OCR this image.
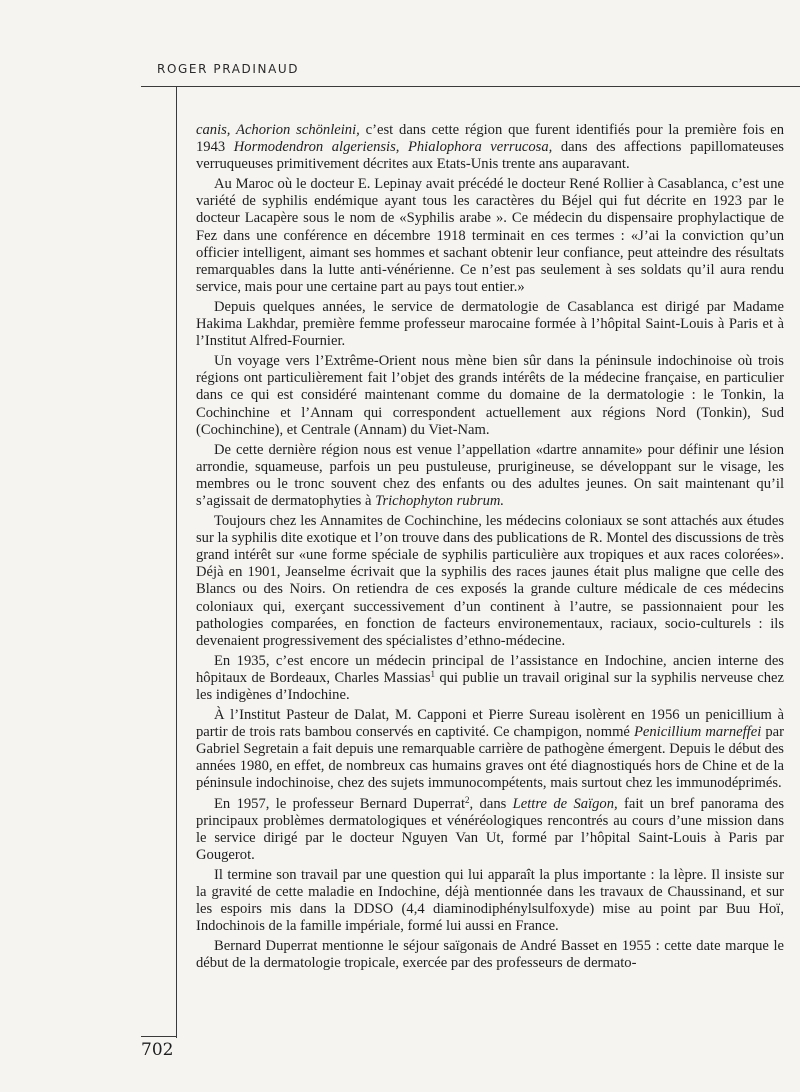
ROGER PRADINAUD

canis, Achorion schönleini, c’est dans cette région que furent identifiés pour la première fois en 1943 Hormodendron algeriensis, Phialophora verrucosa, dans des affections papillomateuses verruqueuses primitivement décrites aux Etats-Unis trente ans auparavant.

Au Maroc où le docteur E. Lepinay avait précédé le docteur René Rollier à Casablanca, c’est une variété de syphilis endémique ayant tous les caractères du Béjel qui fut décrite en 1923 par le docteur Lacapère sous le nom de «Syphilis arabe ». Ce médecin du dispensaire prophylactique de Fez dans une conférence en décembre 1918 terminait en ces termes : «J’ai la conviction qu’un officier intelligent, aimant ses hommes et sachant obtenir leur confiance, peut atteindre des résultats remarquables dans la lutte anti-vénérienne. Ce n’est pas seulement à ses soldats qu’il aura rendu service, mais pour une certaine part au pays tout entier.»

Depuis quelques années, le service de dermatologie de Casablanca est dirigé par Madame Hakima Lakhdar, première femme professeur marocaine formée à l’hôpital Saint-Louis à Paris et à l’Institut Alfred-Fournier.

Un voyage vers l’Extrême-Orient nous mène bien sûr dans la péninsule indochinoise où trois régions ont particulièrement fait l’objet des grands intérêts de la médecine française, en particulier dans ce qui est considéré maintenant comme du domaine de la dermatologie : le Tonkin, la Cochinchine et l’Annam qui correspondent actuellement aux régions Nord (Tonkin), Sud (Cochinchine), et Centrale (Annam) du Viet-Nam.

De cette dernière région nous est venue l’appellation «dartre annamite» pour définir une lésion arrondie, squameuse, parfois un peu pustuleuse, prurigineuse, se développant sur le visage, les membres ou le tronc souvent chez des enfants ou des adultes jeunes. On sait maintenant qu’il s’agissait de dermatophyties à Trichophyton rubrum.

Toujours chez les Annamites de Cochinchine, les médecins coloniaux se sont attachés aux études sur la syphilis dite exotique et l’on trouve dans des publications de R. Montel des discussions de très grand intérêt sur «une forme spéciale de syphilis particulière aux tropiques et aux races colorées». Déjà en 1901, Jeanselme écrivait que la syphilis des races jaunes était plus maligne que celle des Blancs ou des Noirs. On retiendra de ces exposés la grande culture médicale de ces médecins coloniaux qui, exerçant successivement d’un continent à l’autre, se passionnaient pour les pathologies comparées, en fonction de facteurs environementaux, raciaux, socio-culturels : ils devenaient progressivement des spécialistes d’ethno-médecine.

En 1935, c’est encore un médecin principal de l’assistance en Indochine, ancien interne des hôpitaux de Bordeaux, Charles Massias$^1$ qui publie un travail original sur la syphilis nerveuse chez les indigènes d’Indochine.

À l’Institut Pasteur de Dalat, M. Capponi et Pierre Sureau isolèrent en 1956 un penicillium à partir de trois rats bambou conservés en captivité. Ce champigon, nommé Penicillium marneffei par Gabriel Segretain a fait depuis une remarquable carrière de pathogène émergent. Depuis le début des années 1980, en effet, de nombreux cas humains graves ont été diagnostiqués hors de Chine et de la péninsule indochinoise, chez des sujets immunocompétents, mais surtout chez les immunodéprimés.

En 1957, le professeur Bernard Duperrat$^2$, dans Lettre de Saïgon, fait un bref panorama des principaux problèmes dermatologiques et vénéréologiques rencontrés au cours d’une mission dans le service dirigé par le docteur Nguyen Van Ut, formé par l’hôpital Saint-Louis à Paris par Gougerot.

Il termine son travail par une question qui lui apparaît la plus importante : la lèpre. Il insiste sur la gravité de cette maladie en Indochine, déjà mentionnée dans les travaux de Chaussinand, et sur les espoirs mis dans la DDSO (4,4 diaminodiphénylsulfoxyde) mise au point par Buu Hoï, Indochinois de la famille impériale, formé lui aussi en France.

Bernard Duperrat mentionne le séjour saïgonais de André Basset en 1955 : cette date marque le début de la dermatologie tropicale, exercée par des professeurs de dermato-

702
